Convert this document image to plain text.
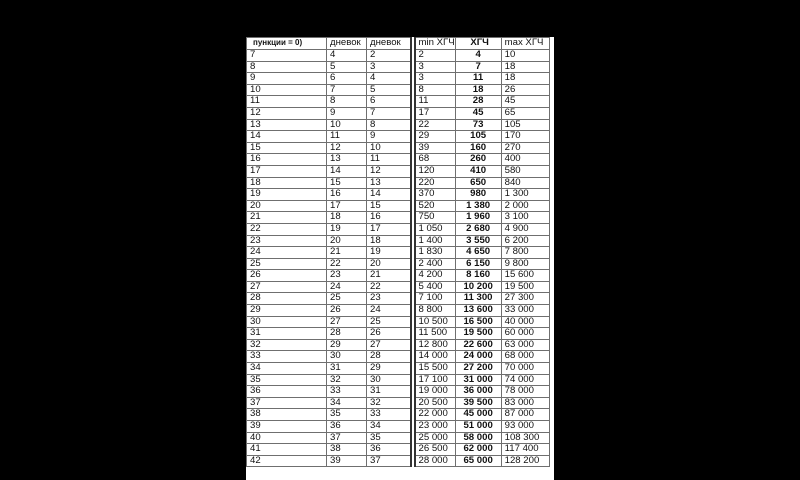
пункции = 0)	дневок	дневок		min ХГЧ	ХГЧ	max ХГЧ
7	4	2		2	4	10
8	5	3		3	7	18
9	6	4		3	11	18
10	7	5		8	18	26
11	8	6		11	28	45
12	9	7		17	45	65
13	10	8		22	73	105
14	11	9		29	105	170
15	12	10		39	160	270
16	13	11		68	260	400
17	14	12		120	410	580
18	15	13		220	650	840
19	16	14		370	980	1 300
20	17	15		520	1 380	2 000
21	18	16		750	1 960	3 100
22	19	17		1 050	2 680	4 900
23	20	18		1 400	3 550	6 200
24	21	19		1 830	4 650	7 800
25	22	20		2 400	6 150	9 800
26	23	21		4 200	8 160	15 600
27	24	22		5 400	10 200	19 500
28	25	23		7 100	11 300	27 300
29	26	24		8 800	13 600	33 000
30	27	25		10 500	16 500	40 000
31	28	26		11 500	19 500	60 000
32	29	27		12 800	22 600	63 000
33	30	28		14 000	24 000	68 000
34	31	29		15 500	27 200	70 000
35	32	30		17 100	31 000	74 000
36	33	31		19 000	36 000	78 000
37	34	32		20 500	39 500	83 000
38	35	33		22 000	45 000	87 000
39	36	34		23 000	51 000	93 000
40	37	35		25 000	58 000	108 300
41	38	36		26 500	62 000	117 400
42	39	37		28 000	65 000	128 200
